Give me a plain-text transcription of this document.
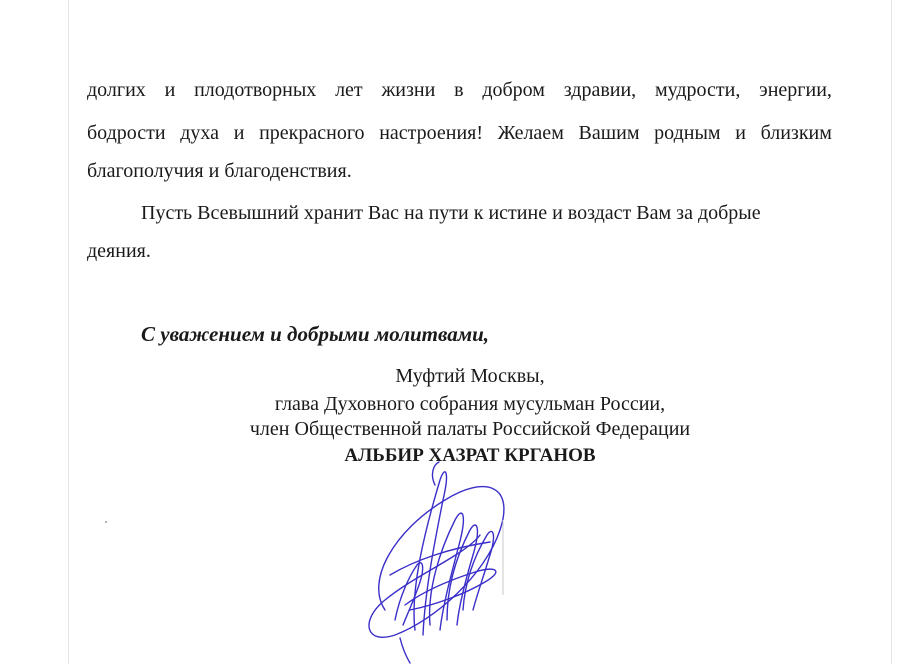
долгих и плодотворных лет жизни в добром здравии, мудрости, энергии,
бодрости духа и прекрасного настроения! Желаем Вашим родным и близким
благополучия и благоденствия.
Пусть Всевышний хранит Вас на пути к истине и воздаст Вам за добрые
деяния.
С уважением и добрыми молитвами,
Муфтий Москвы,
глава Духовного собрания мусульман России,
член Общественной палаты Российской Федерации
АЛЬБИР ХАЗРАТ КРГАНОВ
